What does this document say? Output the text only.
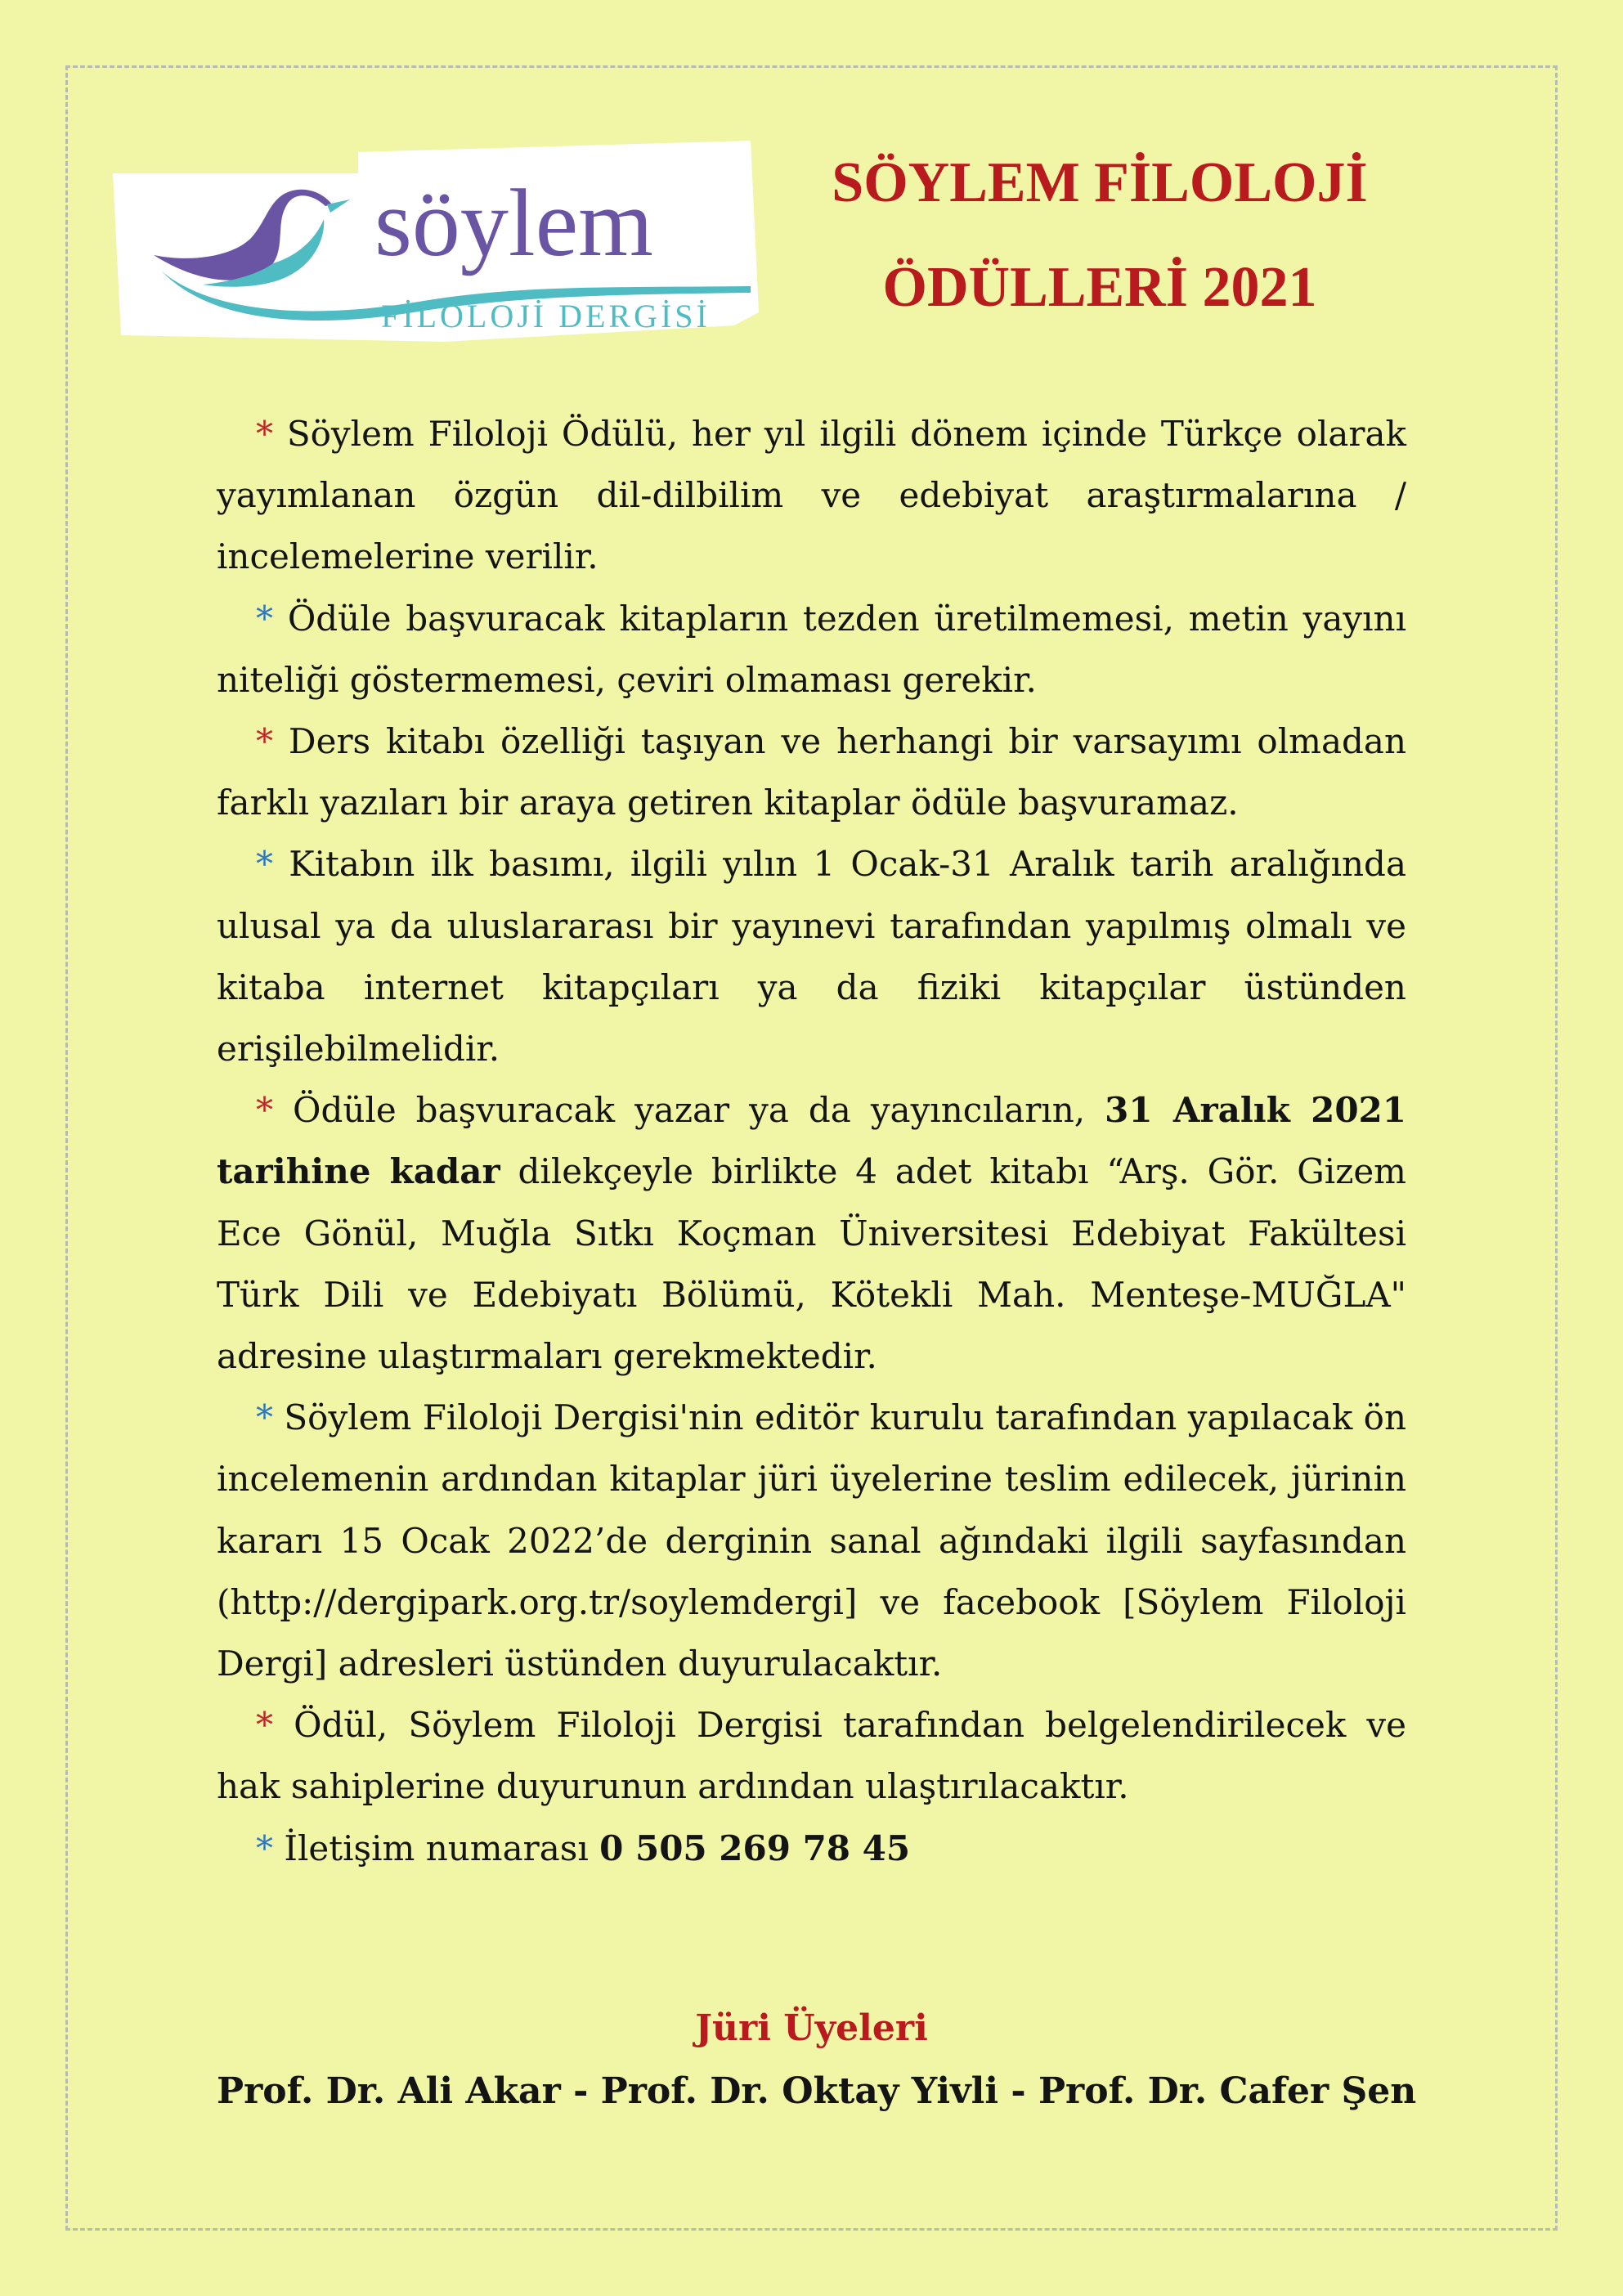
söylem
FİLOLOJİ DERGİSİ
SÖYLEM FİLOLOJİ
ÖDÜLLERİ 2021

* Söylem Filoloji Ödülü, her yıl ilgili dönem içinde Türkçe olarak yayımlanan özgün dil-dilbilim ve edebiyat araştırmalarına / incelemelerine verilir.

* Ödüle başvuracak kitapların tezden üretilmemesi, metin yayını niteliği göstermemesi, çeviri olmaması gerekir.

* Ders kitabı özelliği taşıyan ve herhangi bir varsayımı olmadan farklı yazıları bir araya getiren kitaplar ödüle başvuramaz.

* Kitabın ilk basımı, ilgili yılın 1 Ocak-31 Aralık tarih aralığında ulusal ya da uluslararası bir yayınevi tarafından yapılmış olmalı ve kitaba internet kitapçıları ya da fiziki kitapçılar üstünden erişilebilmelidir.

* Ödüle başvuracak yazar ya da yayıncıların, 31 Aralık 2021 tarihine kadar dilekçeyle birlikte 4 adet kitabı “Arş. Gör. Gizem Ece Gönül, Muğla Sıtkı Koçman Üniversitesi Edebiyat Fakültesi Türk Dili ve Edebiyatı Bölümü, Kötekli Mah. Menteşe-MUĞLA" adresine ulaştırmaları gerekmektedir.

* Söylem Filoloji Dergisi'nin editör kurulu tarafından yapılacak ön incelemenin ardından kitaplar jüri üyelerine teslim edilecek, jürinin kararı 15 Ocak 2022’de derginin sanal ağındaki ilgili sayfasından (http://dergipark.org.tr/soylemdergi] ve facebook [Söylem Filoloji Dergi] adresleri üstünden duyurulacaktır.

* Ödül, Söylem Filoloji Dergisi tarafından belgelendirilecek ve hak sahiplerine duyurunun ardından ulaştırılacaktır.

* İletişim numarası 0 505 269 78 45

Jüri Üyeleri
Prof. Dr. Ali Akar - Prof. Dr. Oktay Yivli - Prof. Dr. Cafer Şen
